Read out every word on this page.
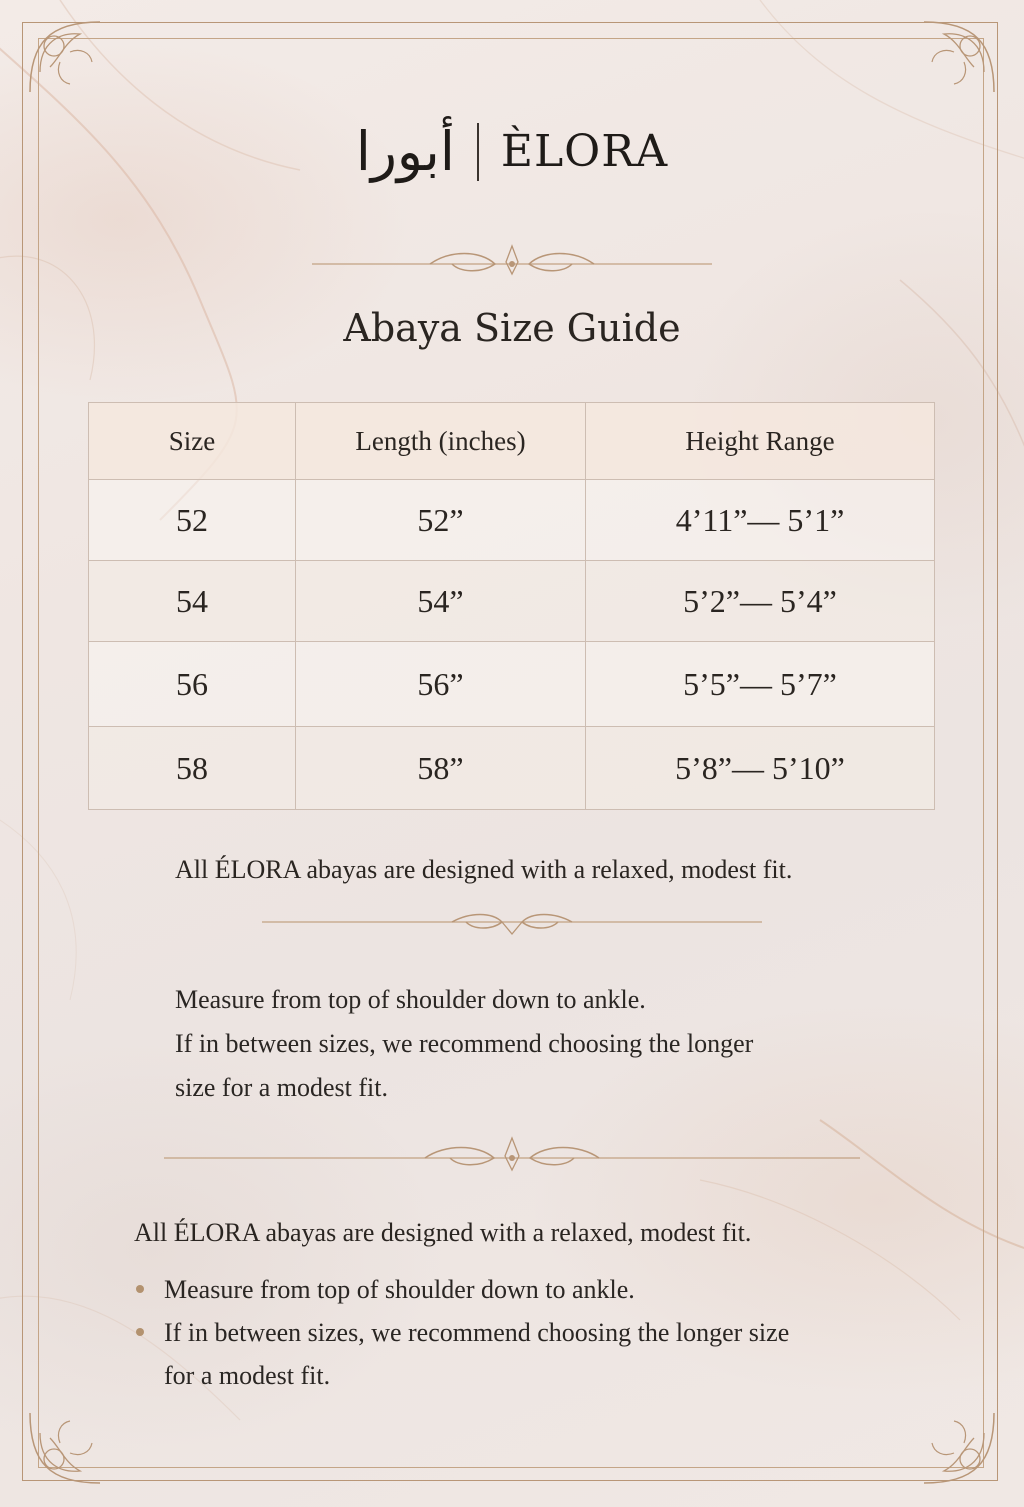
أبورا ÈLORA
Abaya Size Guide
Size	Length (inches)	Height Range
52	52”	4’11”— 5’1”
54	54”	5’2”— 5’4”
56	56”	5’5”— 5’7”
58	58”	5’8”— 5’10”
All ÉLORA abayas are designed with a relaxed, modest fit.
Measure from top of shoulder down to ankle.
If in between sizes, we recommend choosing the longer
size for a modest fit.
All ÉLORA abayas are designed with a relaxed, modest fit.
Measure from top of shoulder down to ankle.
If in between sizes, we recommend choosing the longer size
for a modest fit.
